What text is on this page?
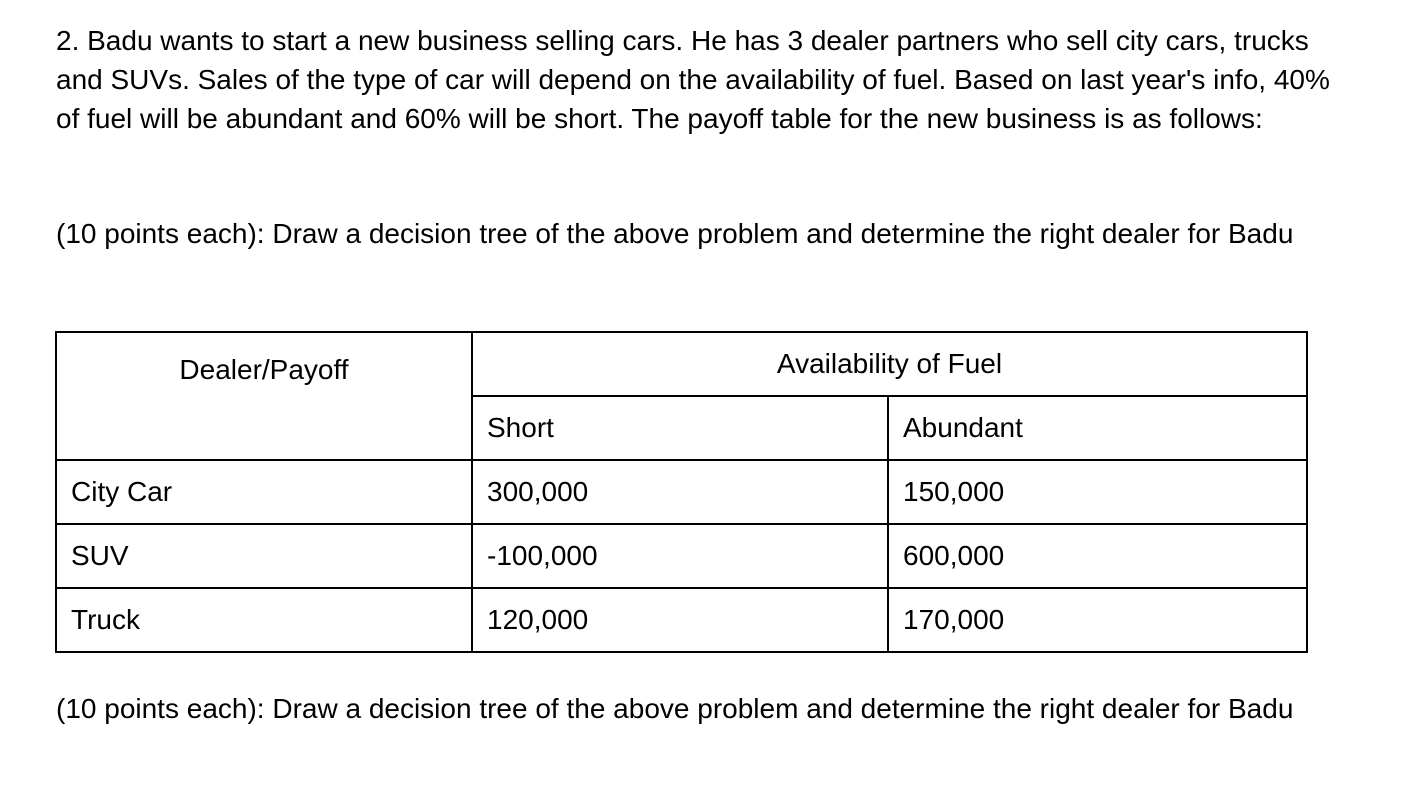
2. Badu wants to start a new business selling cars. He has 3 dealer partners who sell city cars, trucks and SUVs. Sales of the type of car will depend on the availability of fuel. Based on last year's info, 40% of fuel will be abundant and 60% will be short. The payoff table for the new business is as follows:

(10 points each): Draw a decision tree of the above problem and determine the right dealer for Badu

Dealer/Payoff	Availability of Fuel	
	Short	Abundant
City Car	300,000	150,000
SUV	-100,000	600,000
Truck	120,000	170,000

(10 points each): Draw a decision tree of the above problem and determine the right dealer for Badu
